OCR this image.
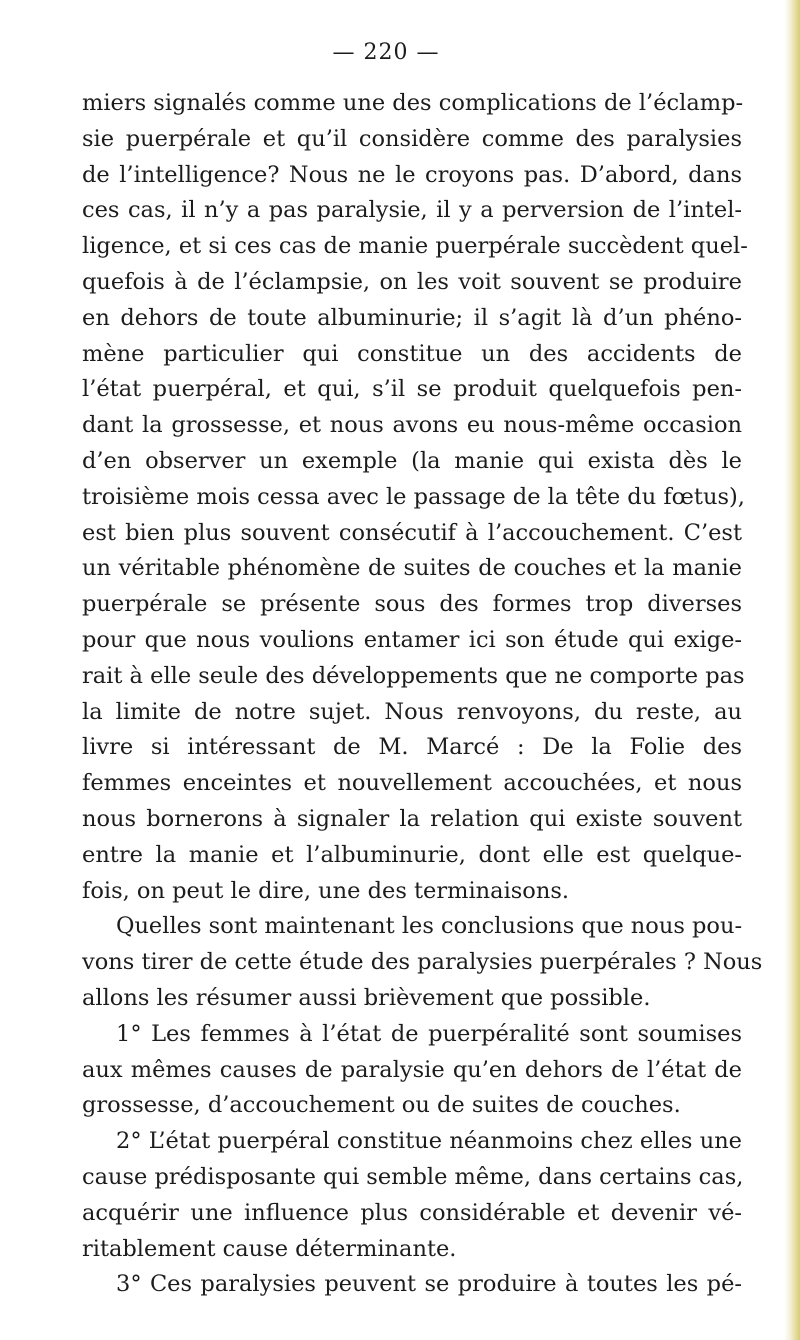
— 220 —
miers signalés comme une des complications de l’éclamp-
sie puerpérale et qu’il considère comme des paralysies
de l’intelligence? Nous ne le croyons pas. D’abord, dans
ces cas, il n’y a pas paralysie, il y a perversion de l’intel-
ligence, et si ces cas de manie puerpérale succèdent quel-
quefois à de l’éclampsie, on les voit souvent se produire
en dehors de toute albuminurie; il s’agit là d’un phéno-
mène particulier qui constitue un des accidents de
l’état puerpéral, et qui, s’il se produit quelquefois pen-
dant la grossesse, et nous avons eu nous-même occasion
d’en observer un exemple (la manie qui exista dès le
troisième mois cessa avec le passage de la tête du fœtus),
est bien plus souvent consécutif à l’accouchement. C’est
un véritable phénomène de suites de couches et la manie
puerpérale se présente sous des formes trop diverses
pour que nous voulions entamer ici son étude qui exige-
rait à elle seule des développements que ne comporte pas
la limite de notre sujet. Nous renvoyons, du reste, au
livre si intéressant de M. Marcé : De la Folie des
femmes enceintes et nouvellement accouchées, et nous
nous bornerons à signaler la relation qui existe souvent
entre la manie et l’albuminurie, dont elle est quelque-
fois, on peut le dire, une des terminaisons.
Quelles sont maintenant les conclusions que nous pou-
vons tirer de cette étude des paralysies puerpérales ? Nous
allons les résumer aussi brièvement que possible.
1° Les femmes à l’état de puerpéralité sont soumises
aux mêmes causes de paralysie qu’en dehors de l’état de
grossesse, d’accouchement ou de suites de couches.
2° L’état puerpéral constitue néanmoins chez elles une
cause prédisposante qui semble même, dans certains cas,
acquérir une influence plus considérable et devenir vé-
ritablement cause déterminante.
3° Ces paralysies peuvent se produire à toutes les pé-
